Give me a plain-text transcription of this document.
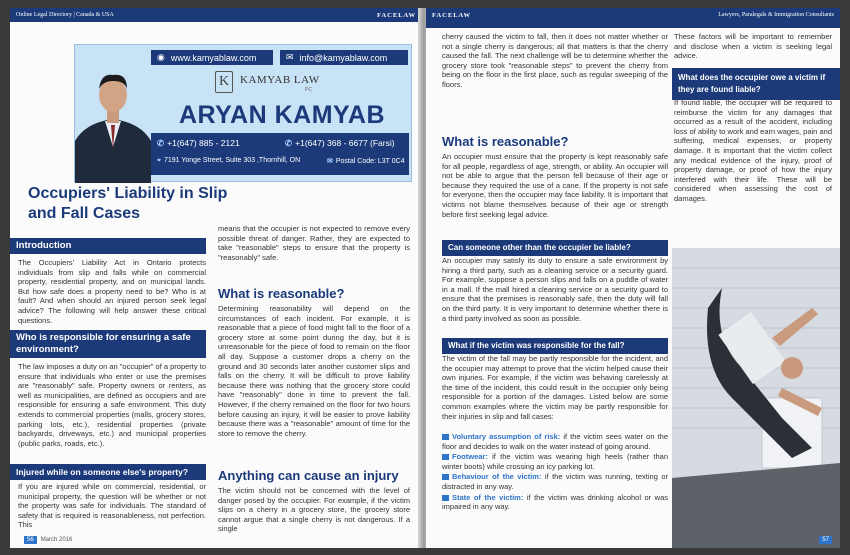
Online Legal Directory | Canada & USA	FACELAW
◉ www.kamyablaw.com	✉ info@kamyablaw.com
K KAMYAB LAW
PC
ARYAN KAMYAB
✆ +1(647) 885 - 2121	✆ +1(647) 368 - 6677 (Farsi)
⌖ 7191 Yonge Street, Suite 303 ,Thornhill, ON	✉ Postal Code: L3T 0C4
Occupiers' Liability in Slip and Fall Cases
Introduction
The Occupiers' Liability Act in Ontario protects individuals from slip and falls while on commercial property, residential property, and on municipal lands. But how safe does a property need to be? Who is at fault? And when should an injured person seek legal advice? The following will help answer these critical questions.
Who is responsible for ensuring a safe environment?
The law imposes a duty on an "occupier" of a property to ensure that individuals who enter or use the premises are "reasonably" safe. Property owners or renters, as well as municipalities, are defined as occupiers and are responsible for ensuring a safe environment. This duty extends to commercial properties (malls, grocery stores, parking lots, etc.), residential properties (private backyards, driveways, etc.) and municipal properties (public parks, roads, etc.).
Injured while on someone else's property?
If you are injured while on commercial, residential, or municipal property, the question will be whether or not the property was safe for individuals. The standard of safety that is required is reasonableness, not perfection. This
means that the occupier is not expected to remove every possible threat of danger. Rather, they are expected to take "reasonable" steps to ensure that the property is "reasonably" safe.
What is reasonable?
Determining reasonability will depend on the circumstances of each incident. For example, it is reasonable that a piece of food might fall to the floor of a grocery store at some point during the day, but it is unreasonable for the piece of food to remain on the floor all day. Suppose a customer drops a cherry on the ground and 30 seconds later another customer slips and falls on the cherry. It will be difficult to prove liability because there was nothing that the grocery store could have "reasonably" done in time to prevent the fall. However, if the cherry remained on the floor for two hours before causing an injury, it will be easier to prove liability because there was a "reasonable" amount of time for the store to remove the cherry.
Anything can cause an injury
The victim should not be concerned with the level of danger posed by the occupier. For example, if the victim slips on a cherry in a grocery store, the grocery store cannot argue that a single cherry is not dangerous. If a single
56	March 2016
FACELAW	Lawyers, Paralegals & Immigration Consultants
cherry caused the victim to fall, then it does not matter whether or not a single cherry is dangerous; all that matters is that the cherry caused the fall. The next challenge will be to determine whether the grocery store took "reasonable steps" to prevent the cherry from being on the floor in the first place, such as regular sweeping of the floors.
What is reasonable?
An occupier must ensure that the property is kept reasonably safe for all people, regardless of age, strength, or ability. An occupier will not be able to argue that the person fell because of their age or because they required the use of a cane. If the property is not safe for everyone, then the occupier may face liability. It is important that victims not blame themselves because of their age or strength before first seeking legal advice.
Can someone other than the occupier be liable?
An occupier may satisfy its duty to ensure a safe environment by hiring a third party, such as a cleaning service or a security guard. For example, suppose a person slips and falls on a puddle of water in a mall. If the mall hired a cleaning service or a security guard to ensure that the premises is reasonably safe, then the duty will fall on the third party. It is very important to determine whether there is a third party involved as soon as possible.
What if the victim was responsible for the fall?
The victim of the fall may be partly responsible for the incident, and the occupier may attempt to prove that the victim helped cause their own injuries. For example, if the victim was behaving carelessly at the time of the incident, this could result in the occupier only being responsible for a portion of the damages. Listed below are some common examples where the victim may be partly responsible for their injuries in slip and fall cases:
Voluntary assumption of risk: if the victim sees water on the floor and decides to walk on the water instead of going around.
Footwear: if the victim was wearing high heels (rather than winter boots) while crossing an icy parking lot.
Behaviour of the victim: if the victim was running, texting or distracted in any way.
State of the victim: if the victim was drinking alcohol or was impaired in any way.
These factors will be important to remember and disclose when a victim is seeking legal advice.
What does the occupier owe a victim if they are found liable?
If found liable, the occupier will be required to reimburse the victim for any damages that occurred as a result of the accident, including loss of ability to work and earn wages, pain and suffering, medical expenses, or property damage. It is important that the victim collect any medical evidence of the injury, proof of property damage, or proof of how the injury interfered with their life. These will be considered when assessing the cost of damages.
57
